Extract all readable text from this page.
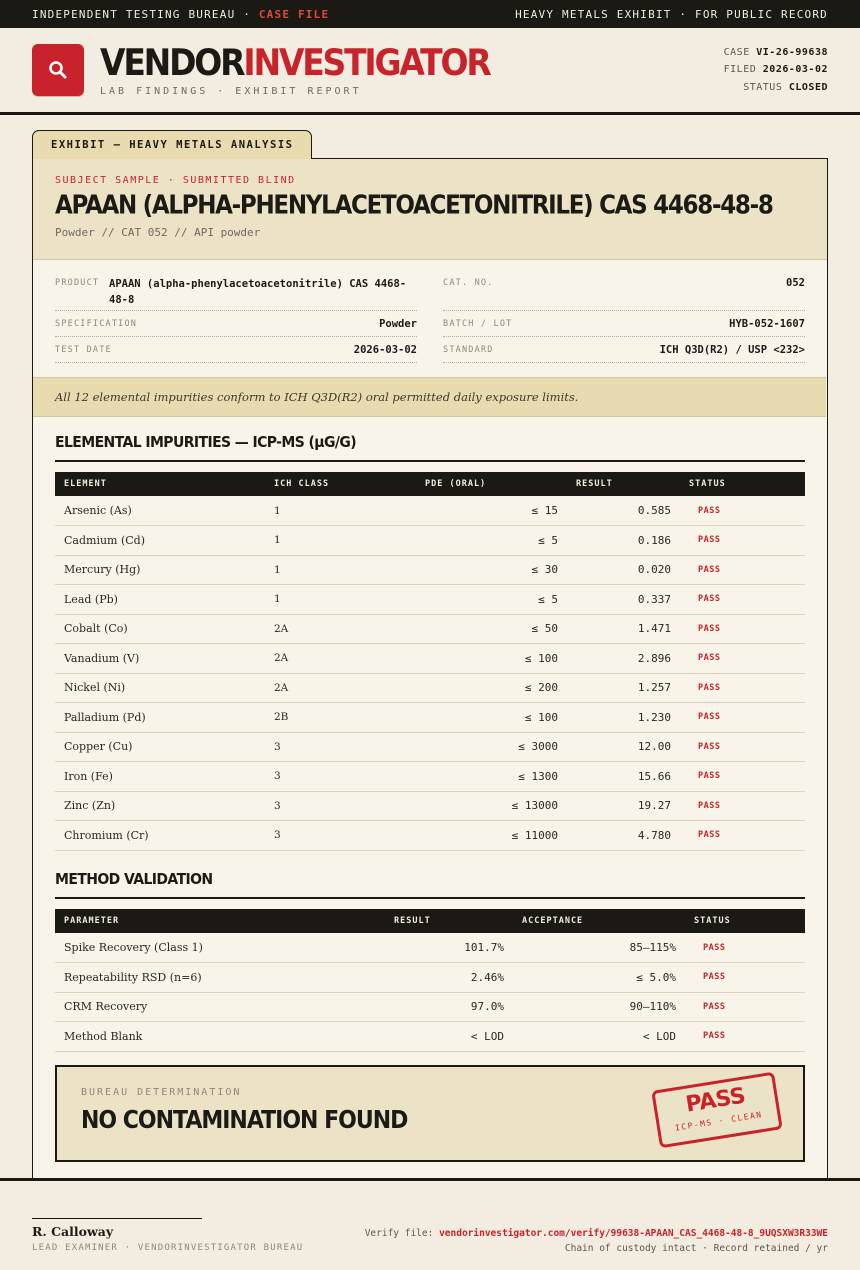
INDEPENDENT TESTING BUREAU · CASE FILE	HEAVY METALS EXHIBIT · FOR PUBLIC RECORD
VENDORINVESTIGATOR
LAB FINDINGS · EXHIBIT REPORT
CASE VI-26-99638
FILED 2026-03-02
STATUS CLOSED
EXHIBIT — HEAVY METALS ANALYSIS
SUBJECT SAMPLE · SUBMITTED BLIND
APAAN (ALPHA-PHENYLACETOACETONITRILE) CAS 4468-48-8
Powder // CAT 052 // API powder
PRODUCT APAAN (alpha-phenylacetoacetonitrile) CAS 4468-48-8
CAT. NO.	052
SPECIFICATION	Powder	BATCH / LOT	HYB-052-1607
TEST DATE	2026-03-02	STANDARD	ICH Q3D(R2) / USP <232>
All 12 elemental impurities conform to ICH Q3D(R2) oral permitted daily exposure limits.
ELEMENTAL IMPURITIES — ICP-MS (μG/G)
ELEMENT	ICH CLASS	PDE (ORAL)	RESULT	STATUS
Arsenic (As)	1	≤ 15	0.585	PASS
Cadmium (Cd)	1	≤ 5	0.186	PASS
Mercury (Hg)	1	≤ 30	0.020	PASS
Lead (Pb)	1	≤ 5	0.337	PASS
Cobalt (Co)	2A	≤ 50	1.471	PASS
Vanadium (V)	2A	≤ 100	2.896	PASS
Nickel (Ni)	2A	≤ 200	1.257	PASS
Palladium (Pd)	2B	≤ 100	1.230	PASS
Copper (Cu)	3	≤ 3000	12.00	PASS
Iron (Fe)	3	≤ 1300	15.66	PASS
Zinc (Zn)	3	≤ 13000	19.27	PASS
Chromium (Cr)	3	≤ 11000	4.780	PASS
METHOD VALIDATION
PARAMETER	RESULT	ACCEPTANCE	STATUS
Spike Recovery (Class 1)	101.7%	85–115%	PASS
Repeatability RSD (n=6)	2.46%	≤ 5.0%	PASS
CRM Recovery	97.0%	90–110%	PASS
Method Blank	< LOD	< LOD	PASS
BUREAU DETERMINATION
NO CONTAMINATION FOUND
PASS
ICP-MS · CLEAN
R. Calloway
LEAD EXAMINER · VENDORINVESTIGATOR BUREAU
Verify file: vendorinvestigator.com/verify/99638-APAAN_CAS_4468-48-8_9UQSXW3R33WE
Chain of custody intact · Record retained / yr
